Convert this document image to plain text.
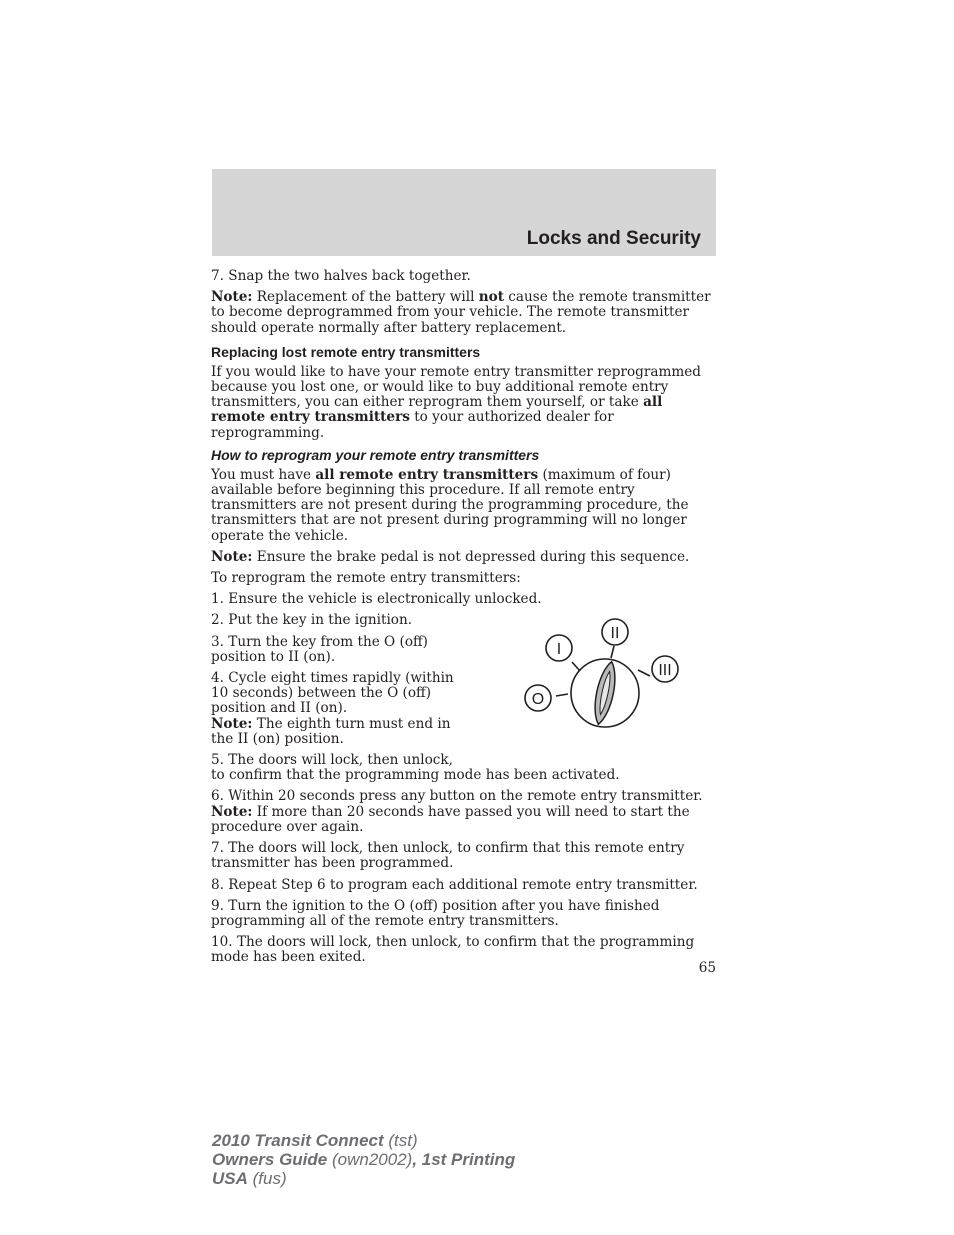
Locks and Security

7. Snap the two halves back together.

Note: Replacement of the battery will not cause the remote transmitter to become deprogrammed from your vehicle. The remote transmitter should operate normally after battery replacement.

Replacing lost remote entry transmitters

If you would like to have your remote entry transmitter reprogrammed because you lost one, or would like to buy additional remote entry transmitters, you can either reprogram them yourself, or take all remote entry transmitters to your authorized dealer for reprogramming.

How to reprogram your remote entry transmitters

You must have all remote entry transmitters (maximum of four) available before beginning this procedure. If all remote entry transmitters are not present during the programming procedure, the transmitters that are not present during programming will no longer operate the vehicle.

Note: Ensure the brake pedal is not depressed during this sequence.

To reprogram the remote entry transmitters:

1. Ensure the vehicle is electronically unlocked.

2. Put the key in the ignition.

3. Turn the key from the O (off) position to II (on).

4. Cycle eight times rapidly (within 10 seconds) between the O (off) position and II (on).
Note: The eighth turn must end in the II (on) position.

5. The doors will lock, then unlock,
to confirm that the programming mode has been activated.

6. Within 20 seconds press any button on the remote entry transmitter.
Note: If more than 20 seconds have passed you will need to start the procedure over again.

7. The doors will lock, then unlock, to confirm that this remote entry transmitter has been programmed.

8. Repeat Step 6 to program each additional remote entry transmitter.

9. Turn the ignition to the O (off) position after you have finished programming all of the remote entry transmitters.

10. The doors will lock, then unlock, to confirm that the programming mode has been exited.

O
I
II
III
65
2010 Transit Connect (tst)
Owners Guide (own2002), 1st Printing
USA (fus)
